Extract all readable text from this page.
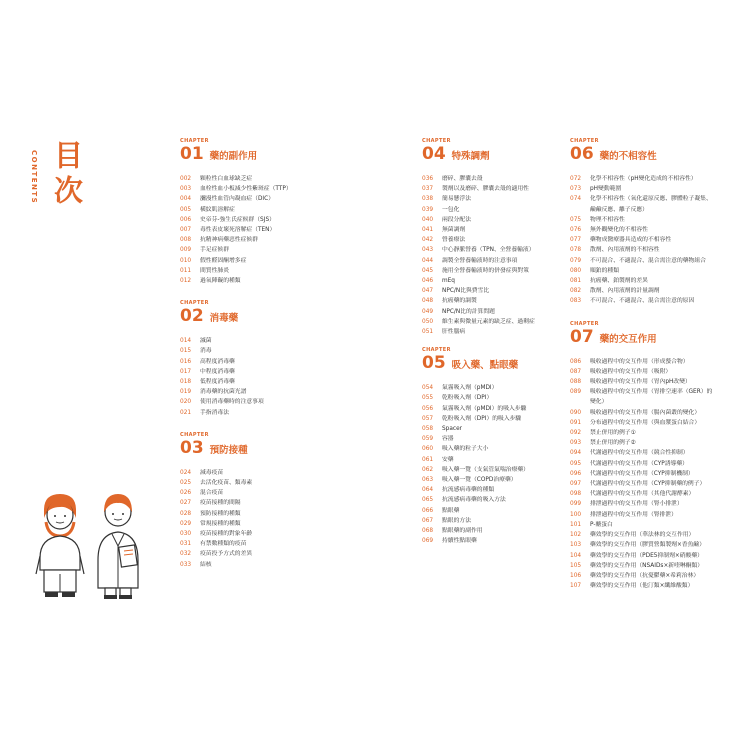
CONTENTS 目次	CHAPTER
01 藥的副作用
002	顆粒性白血球缺乏症
003	血栓性血小板減少性紫斑症（TTP）
004	瀰漫性血管內凝血症（DIC）
005	橫紋肌溶解症
006	史帝芬-強生氏症候群（SJS）
007	毒性表皮壞死溶解症（TEN）
008	抗精神病藥惡性症候群
009	手足症候群
010	假性醛固酮增多症
011	間質性肺炎
012	過氧陣礙的種類
CHAPTER
02 消毒藥
014	滅菌
015	消毒
016	高程度消毒藥
017	中程度消毒藥
018	低程度消毒藥
019	消毒藥的抗菌光譜
020	使用消毒藥時的注意事項
021	手指消毒法
CHAPTER
03 預防接種
024	減毒疫苗
025	去活化疫苗、類毒素
026	混合疫苗
027	疫苗接種的間隔
028	預防接種的種類
029	常規接種的種類
030	疫苗接種的對象年齡
031	有禁數種類的疫苗
032	疫苗投予方式的差異
033	結核
CHAPTER
04 特殊調劑
036	磨碎、膠囊去殼
037	製劑以及磨碎、膠囊去殼的適用性
038	簡易懸浮法
039	一包化
040	兩段分配法
041	無菌調劑
042	營養療法
043	中心靜脈營養（TPN、全營養輸液）
044	調製全營養輸液時的注意事項
045	施用全營養輸液時的併發症與對策
046	mEq
047	NPC/N比與費雪比
048	抗癌藥的調製
049	NPC/N比的計算問題
050	維生素與微量元素的缺乏症、過剩症
051	肝性腦病
CHAPTER
05 吸入藥、點眼藥
054	氣霧吸入劑（pMDI）
055	乾粉吸入劑（DPI）
056	氣霧吸入劑（pMDI）的吸入步驟
057	乾粉吸入劑（DPI）的吸入步驟
058	Spacer
059	容器
060	吸入藥的粒子大小
061	安藥
062	吸入藥一覽（支氣管氣喘治療藥）
063	吸入藥一覽（COPD治療藥）
064	抗流感病毒藥的種類
065	抗流感病毒藥的吸入方法
066	點眼藥
067	點眼的方法
068	點眼藥的副作用
069	持續性點眼藥
CHAPTER
06 藥的不相容性
072	化學不相容性（pH變化造成的不相容性）
073	pH變動範圍
074	化學不相容性（氧化還原反應、膠體粒子凝集、
鹼鹼反應、離子反應）
075	物理不相容性
076	無外觀變化的不相容性
077	藥物成醫療器具造成的不相容性
078	散劑、內用液劑的不相容性
079	不可混合、不適混合、混合需注意的藥物組合
080	順鉑的種類
081	抗癌藥、鉑製劑的差異
082	散劑、內用液劑的計量調劑
083	不可混合、不適混合、混合需注意的原因
CHAPTER
07 藥的交互作用
086	吸收過程中的交互作用（形成螯合物）
087	吸收過程中的交互作用（吸附）
088	吸收過程中的交互作用（胃內pH改變）
089	吸收過程中的交互作用（胃排空速率（GER）的
變化）
090	吸收過程中的交互作用（腸內菌叢的變化）
091	分布過程中的交互作用（與血漿蛋白結合）
092	禁止併用的例子①
093	禁止併用的例子②
094	代謝過程中的交互作用（競合性抑制）
095	代謝過程中的交互作用（CYP誘導藥）
096	代謝過程中的交互作用（CYP抑制機制）
097	代謝過程中的交互作用（CYP抑制藥的例子）
098	代謝過程中的交互作用（其他代謝酵素）
099	排泄過程中的交互作用（腎小排泄）
100	排泄過程中的交互作用（腎排泄）
101	P-醣蛋白
102	藥效學的交互作用（華法林的交互作用）
103	藥效學的交互作用（膠質營類製劑×香魚鹼）
104	藥效學的交互作用（PDE5抑制劑×硝酸藥）
105	藥效學的交互作用（NSAIDs×新喹啉酮類）
106	藥效學的交互作用（抗憂鬱藥×希莉治林）
107	藥效學的交互作用（他汀類×纖維酸類）
